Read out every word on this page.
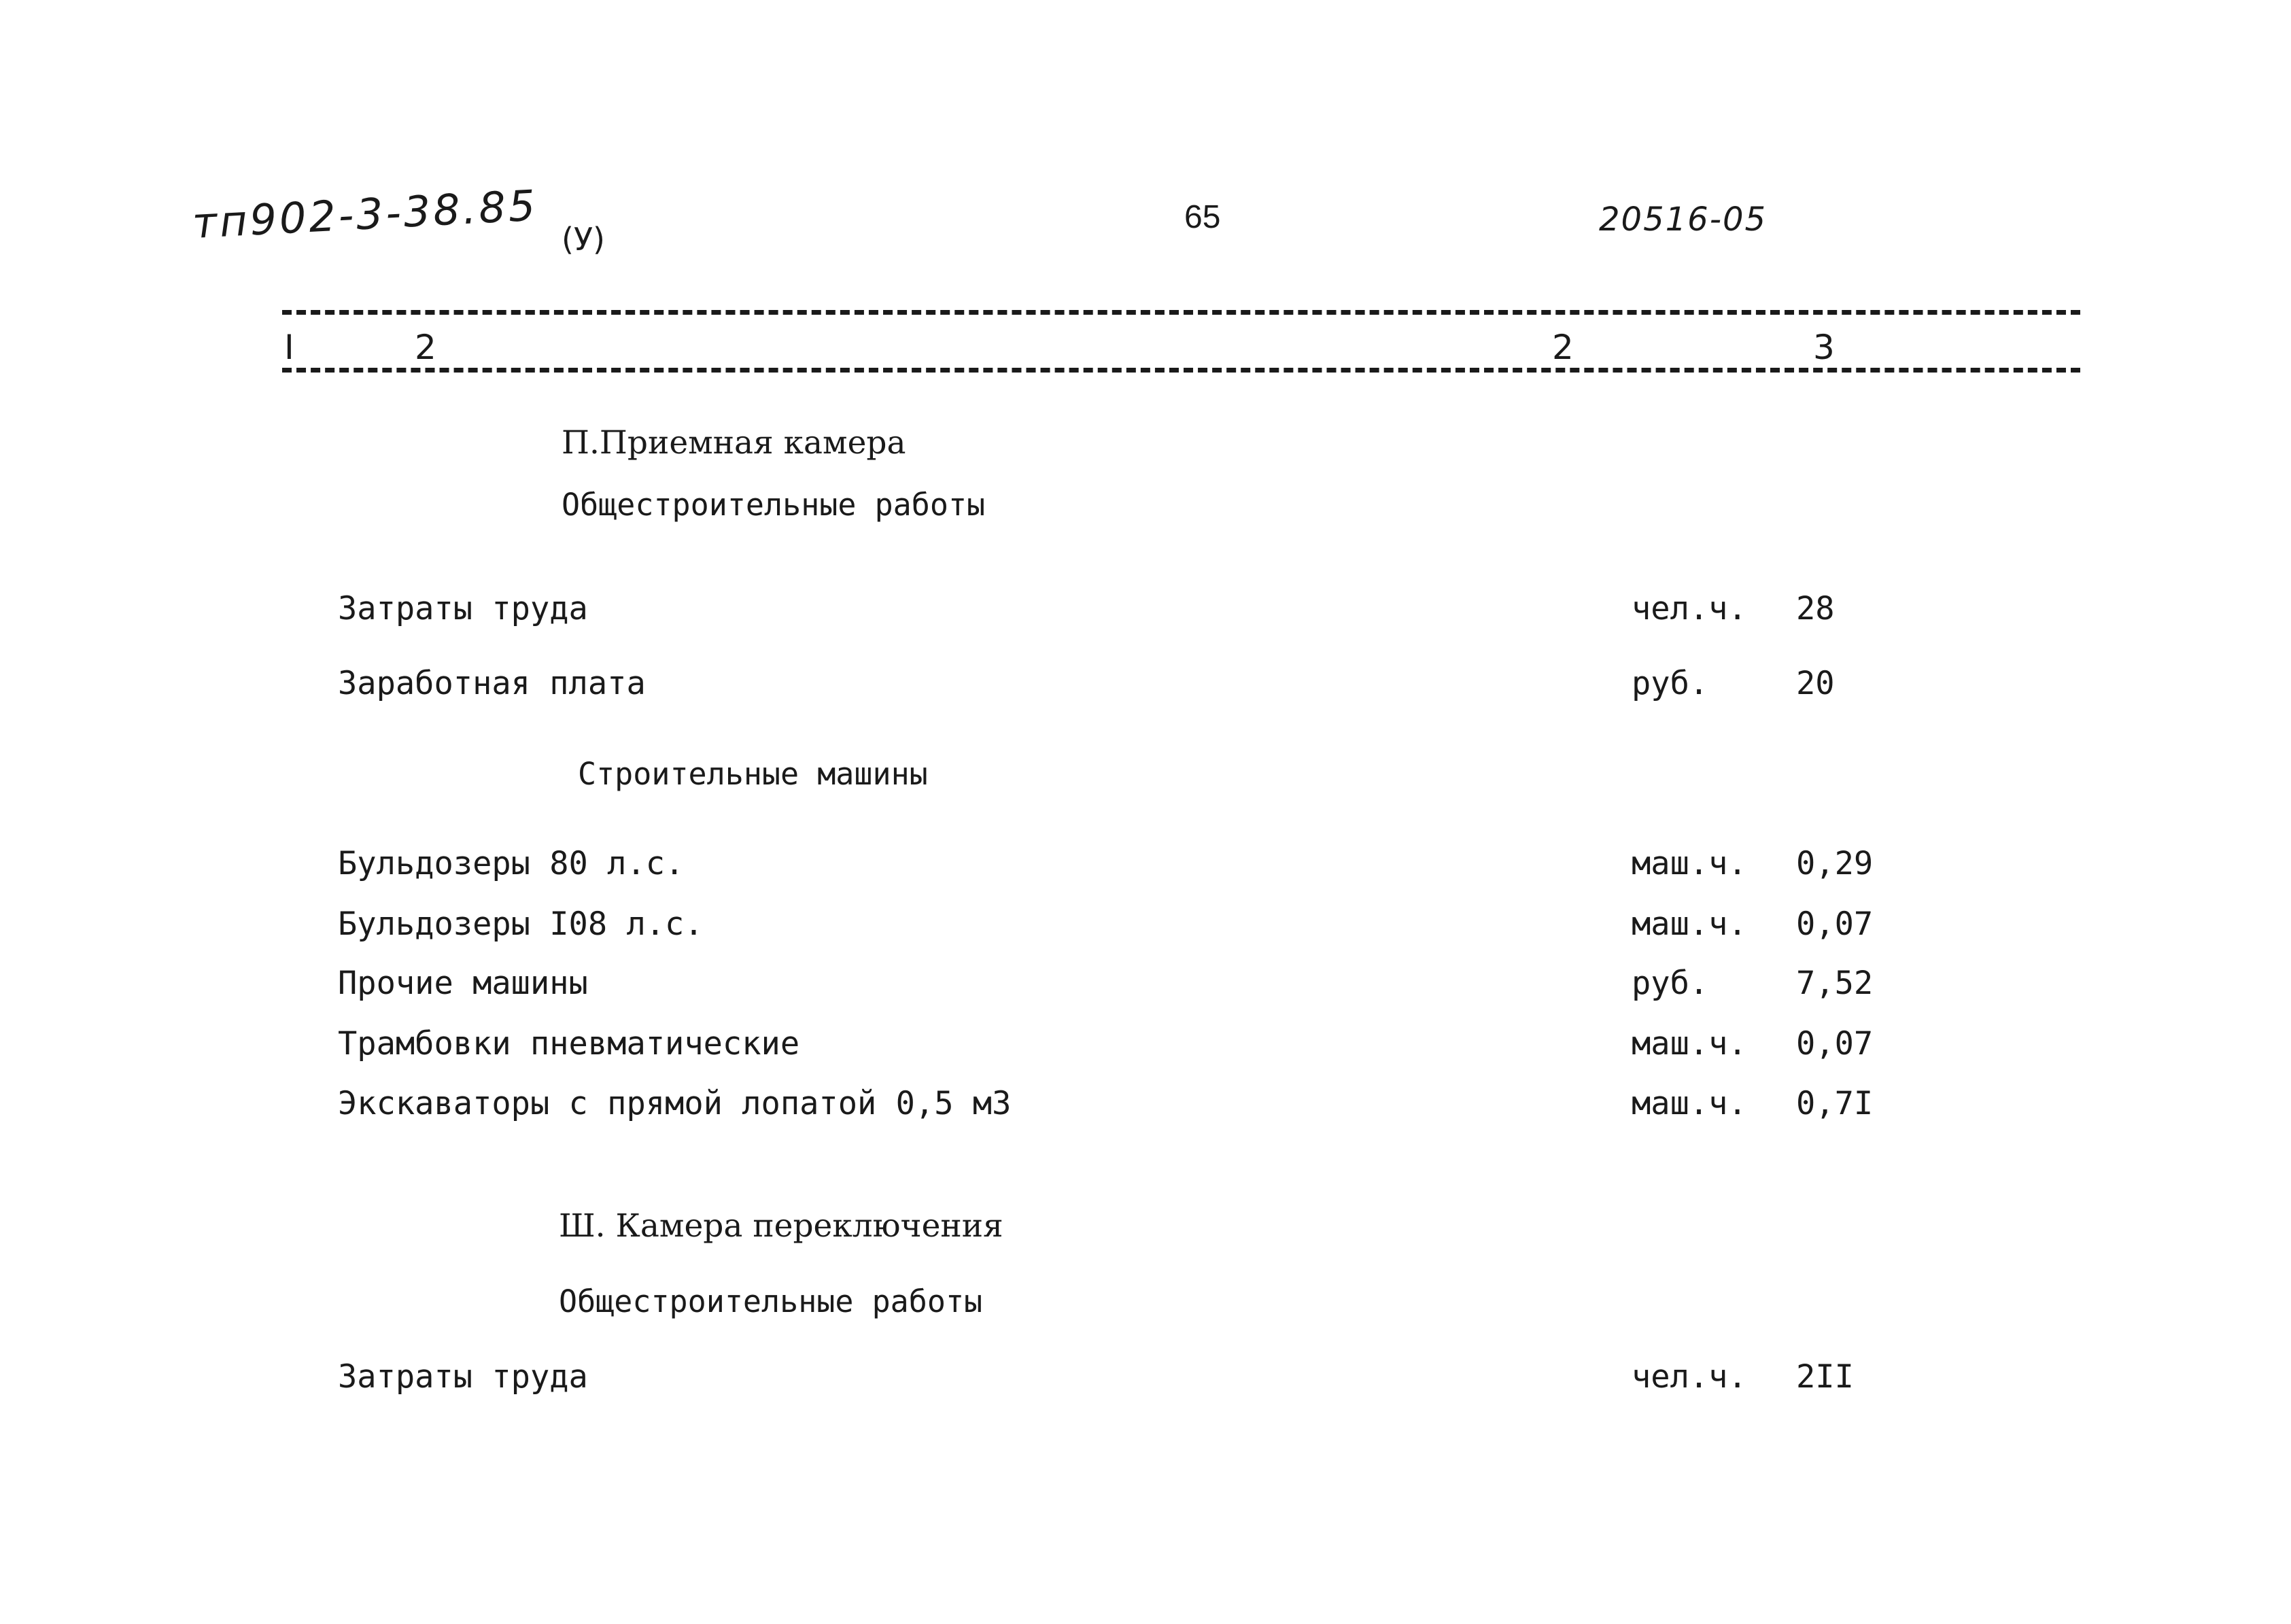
тп902-3-38.85 (У)
65	20516-05
I	2	2	3
П.Приемная камера
Общестроительные работы
Затраты труда	чел.ч. 28
Заработная плата	руб.	20
Строительные машины
Бульдозеры 80 л.с.	маш.ч. 0,29
Бульдозеры I08 л.с.	маш.ч. 0,07
Прочие машины	руб.	7,52
Трамбовки пневматические	маш.ч. 0,07
Экскаваторы с прямой лопатой 0,5 м3	маш.ч. 0,7I
Ш. Камера переключения
Общестроительные работы
Затраты труда	чел.ч. 2II
